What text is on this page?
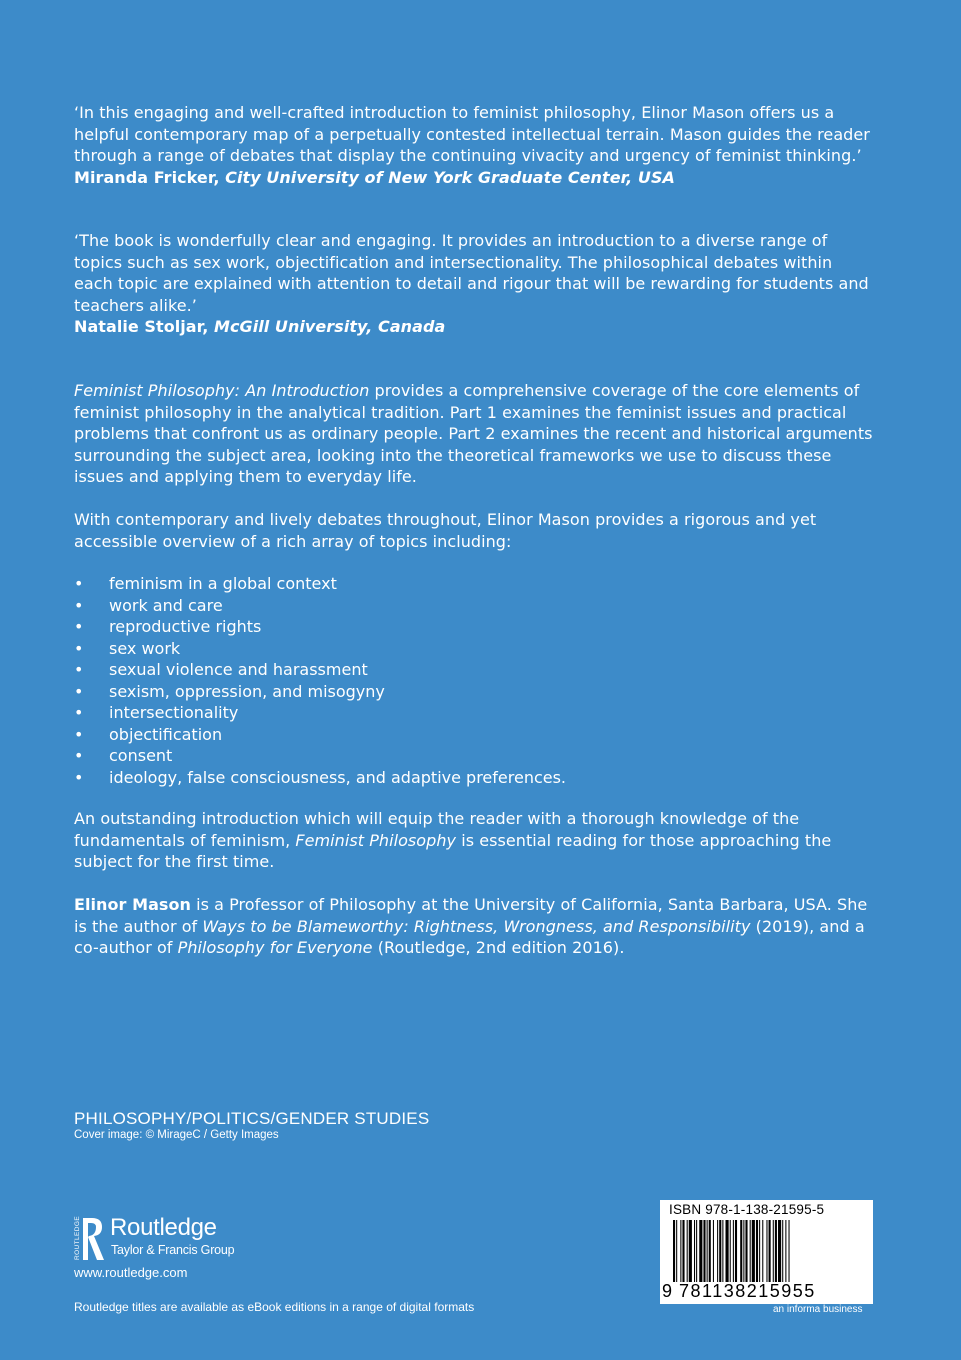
‘In this engaging and well-crafted introduction to feminist philosophy, Elinor Mason offers us a helpful contemporary map of a perpetually contested intellectual terrain. Mason guides the reader through a range of debates that display the continuing vivacity and urgency of feminist thinking.’
Miranda Fricker, City University of New York Graduate Center, USA
‘The book is wonderfully clear and engaging. It provides an introduction to a diverse range of topics such as sex work, objectification and intersectionality. The philosophical debates within each topic are explained with attention to detail and rigour that will be rewarding for students and teachers alike.’
Natalie Stoljar, McGill University, Canada
Feminist Philosophy: An Introduction provides a comprehensive coverage of the core elements of feminist philosophy in the analytical tradition. Part 1 examines the feminist issues and practical problems that confront us as ordinary people. Part 2 examines the recent and historical arguments surrounding the subject area, looking into the theoretical frameworks we use to discuss these issues and applying them to everyday life.
With contemporary and lively debates throughout, Elinor Mason provides a rigorous and yet accessible overview of a rich array of topics including:
• feminism in a global context
• work and care
• reproductive rights
• sex work
• sexual violence and harassment
• sexism, oppression, and misogyny
• intersectionality
• objectification
• consent
• ideology, false consciousness, and adaptive preferences.
An outstanding introduction which will equip the reader with a thorough knowledge of the fundamentals of feminism, Feminist Philosophy is essential reading for those approaching the subject for the first time.
Elinor Mason is a Professor of Philosophy at the University of California, Santa Barbara, USA. She is the author of Ways to be Blameworthy: Rightness, Wrongness, and Responsibility (2019), and a co-author of Philosophy for Everyone (Routledge, 2nd edition 2016).
PHILOSOPHY/POLITICS/GENDER STUDIES
Cover image: © MirageC / Getty Images
ROUTLEDGE Routledge
Taylor & Francis Group
www.routledge.com
Routledge titles are available as eBook editions in a range of digital formats
ISBN 978-1-138-21595-5
9 781138215955
an informa business
